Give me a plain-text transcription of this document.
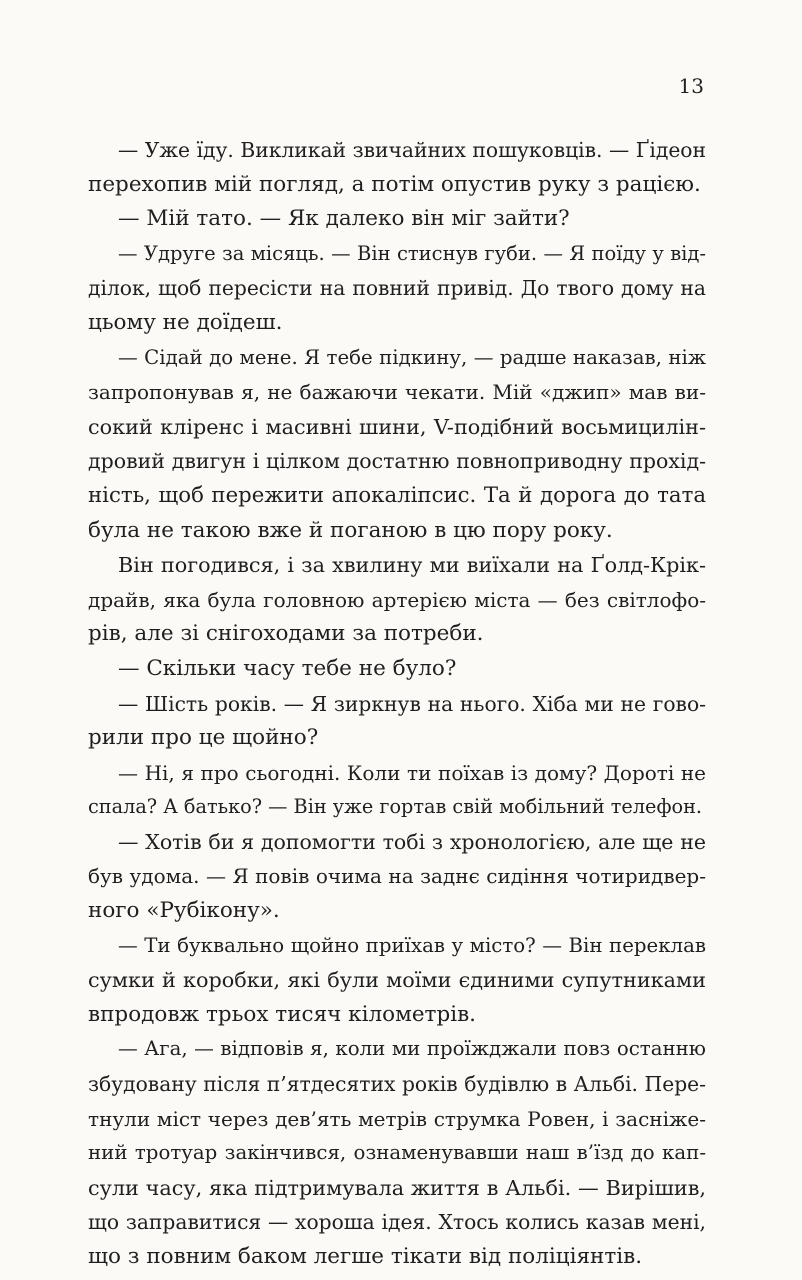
13
— Уже їду. Викликай звичайних пошуковців. — Ґідеон
перехопив мій погляд, а потім опустив руку з рацією.
— Мій тато. — Як далеко він міг зайти?
— Удруге за місяць. — Він стиснув губи. — Я поїду у від-
ділок, щоб пересісти на повний привід. До твого дому на
цьому не доїдеш.
— Сідай до мене. Я тебе підкину, — радше наказав, ніж
запропонував я, не бажаючи чекати. Мій «джип» мав ви-
сокий кліренс і масивні шини, V-подібний восьмицилін-
дровий двигун і цілком достатню повноприводну прохід-
ність, щоб пережити апокаліпсис. Та й дорога до тата
була не такою вже й поганою в цю пору року.
Він погодився, і за хвилину ми виїхали на Ґолд-Крік-
драйв, яка була головною артерією міста — без світлофо-
рів, але зі снігоходами за потреби.
— Скільки часу тебе не було?
— Шість років. — Я зиркнув на нього. Хіба ми не гово-
рили про це щойно?
— Ні, я про сьогодні. Коли ти поїхав із дому? Дороті не
спала? А батько? — Він уже гортав свій мобільний телефон.
— Хотів би я допомогти тобі з хронологією, але ще не
був удома. — Я повів очима на заднє сидіння чотиридвер-
ного «Рубікону».
— Ти буквально щойно приїхав у місто? — Він переклав
сумки й коробки, які були моїми єдиними супутниками
впродовж трьох тисяч кілометрів.
— Ага, — відповів я, коли ми проїжджали повз останню
збудовану після п’ятдесятих років будівлю в Альбі. Пере-
тнули міст через дев’ять метрів струмка Ровен, і засніже-
ний тротуар закінчився, ознаменувавши наш в’їзд до кап-
сули часу, яка підтримувала життя в Альбі. — Вирішив,
що заправитися — хороша ідея. Хтось колись казав мені,
що з повним баком легше тікати від поліціянтів.
